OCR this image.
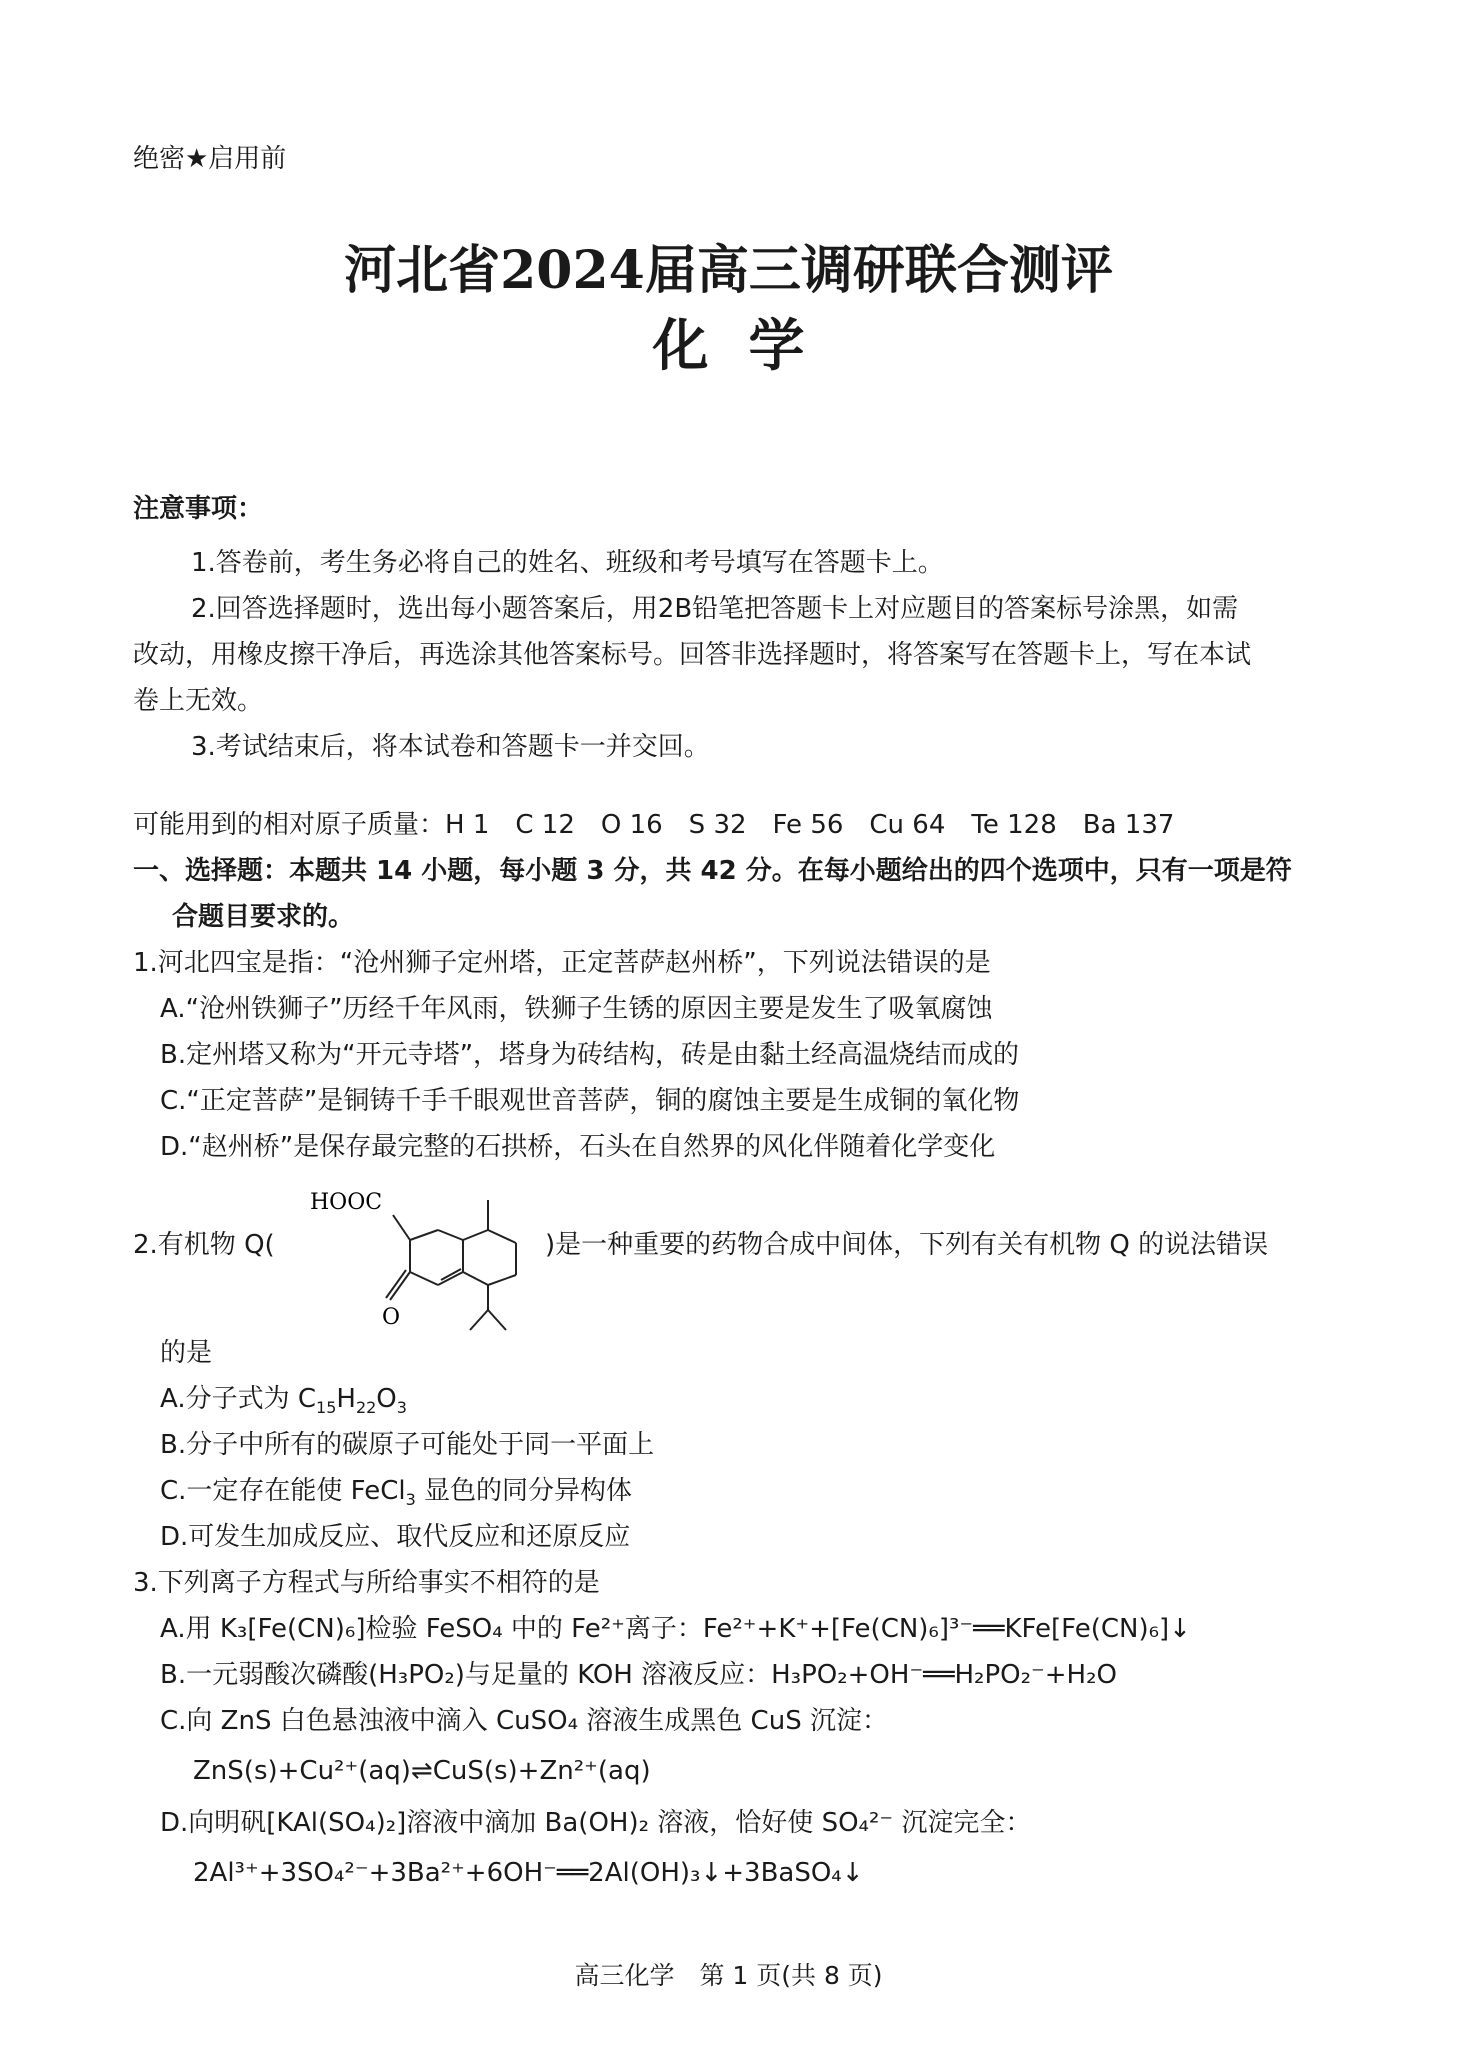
绝密★启用前
河北省2024届高三调研联合测评
化学
注意事项：
1.答卷前，考生务必将自己的姓名、班级和考号填写在答题卡上。
2.回答选择题时，选出每小题答案后，用2B铅笔把答题卡上对应题目的答案标号涂黑，如需
改动，用橡皮擦干净后，再选涂其他答案标号。回答非选择题时，将答案写在答题卡上，写在本试
卷上无效。
3.考试结束后，将本试卷和答题卡一并交回。
可能用到的相对原子质量：H 1　C 12　O 16　S 32　Fe 56　Cu 64　Te 128　Ba 137
一、选择题：本题共 14 小题，每小题 3 分，共 42 分。在每小题给出的四个选项中，只有一项是符
合题目要求的。
1.河北四宝是指：“沧州狮子定州塔，正定菩萨赵州桥”，下列说法错误的是
A.“沧州铁狮子”历经千年风雨，铁狮子生锈的原因主要是发生了吸氧腐蚀
B.定州塔又称为“开元寺塔”，塔身为砖结构，砖是由黏土经高温烧结而成的
C.“正定菩萨”是铜铸千手千眼观世音菩萨，铜的腐蚀主要是生成铜的氧化物
D.“赵州桥”是保存最完整的石拱桥，石头在自然界的风化伴随着化学变化
2.有机物 Q(
HOOC
O
)是一种重要的药物合成中间体，下列有关有机物 Q 的说法错误
的是
A.分子式为 $C_{15}H_{22}O_3$
B.分子中所有的碳原子可能处于同一平面上
C.一定存在能使 FeCl$_3$ 显色的同分异构体
D.可发生加成反应、取代反应和还原反应
3.下列离子方程式与所给事实不相符的是
A.用 K₃[Fe(CN)₆]检验 FeSO₄ 中的 Fe²⁺离子：Fe²⁺+K⁺+[Fe(CN)₆]³⁻══KFe[Fe(CN)₆]↓
B.一元弱酸次磷酸(H₃PO₂)与足量的 KOH 溶液反应：H₃PO₂+OH⁻══H₂PO₂⁻+H₂O
C.向 ZnS 白色悬浊液中滴入 CuSO₄ 溶液生成黑色 CuS 沉淀：
ZnS(s)+Cu²⁺(aq)⇌CuS(s)+Zn²⁺(aq)
D.向明矾[KAl(SO₄)₂]溶液中滴加 Ba(OH)₂ 溶液，恰好使 SO₄²⁻ 沉淀完全：
2Al³⁺+3SO₄²⁻+3Ba²⁺+6OH⁻══2Al(OH)₃↓+3BaSO₄↓
高三化学　第 1 页(共 8 页)
